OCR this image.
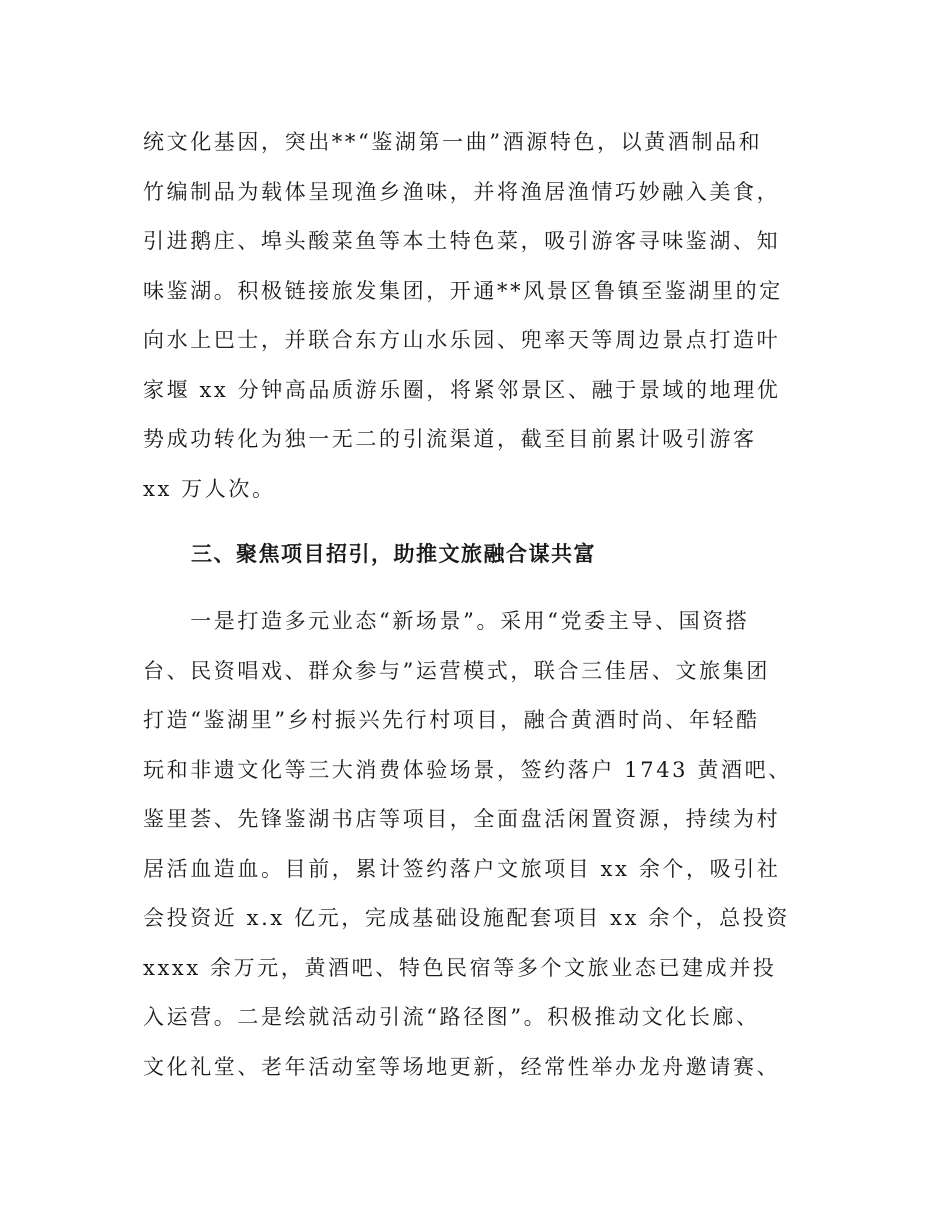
统文化基因，突出**“鉴湖第一曲”酒源特色，以黄酒制品和
竹编制品为载体呈现渔乡渔味，并将渔居渔情巧妙融入美食，
引进鹅庄、埠头酸菜鱼等本土特色菜，吸引游客寻味鉴湖、知
味鉴湖。积极链接旅发集团，开通**风景区鲁镇至鉴湖里的定
向水上巴士，并联合东方山水乐园、兜率天等周边景点打造叶
家堰 xx 分钟高品质游乐圈，将紧邻景区、融于景域的地理优
势成功转化为独一无二的引流渠道，截至目前累计吸引游客
xx 万人次。
三、聚焦项目招引，助推文旅融合谋共富
　　一是打造多元业态“新场景”。采用“党委主导、国资搭
台、民资唱戏、群众参与”运营模式，联合三佳居、文旅集团
打造“鉴湖里”乡村振兴先行村项目，融合黄酒时尚、年轻酷
玩和非遗文化等三大消费体验场景，签约落户 1743 黄酒吧、
鉴里荟、先锋鉴湖书店等项目，全面盘活闲置资源，持续为村
居活血造血。目前，累计签约落户文旅项目 xx 余个，吸引社
会投资近 x.x 亿元，完成基础设施配套项目 xx 余个，总投资
xxxx 余万元，黄酒吧、特色民宿等多个文旅业态已建成并投
入运营。二是绘就活动引流“路径图”。积极推动文化长廊、
文化礼堂、老年活动室等场地更新，经常性举办龙舟邀请赛、
